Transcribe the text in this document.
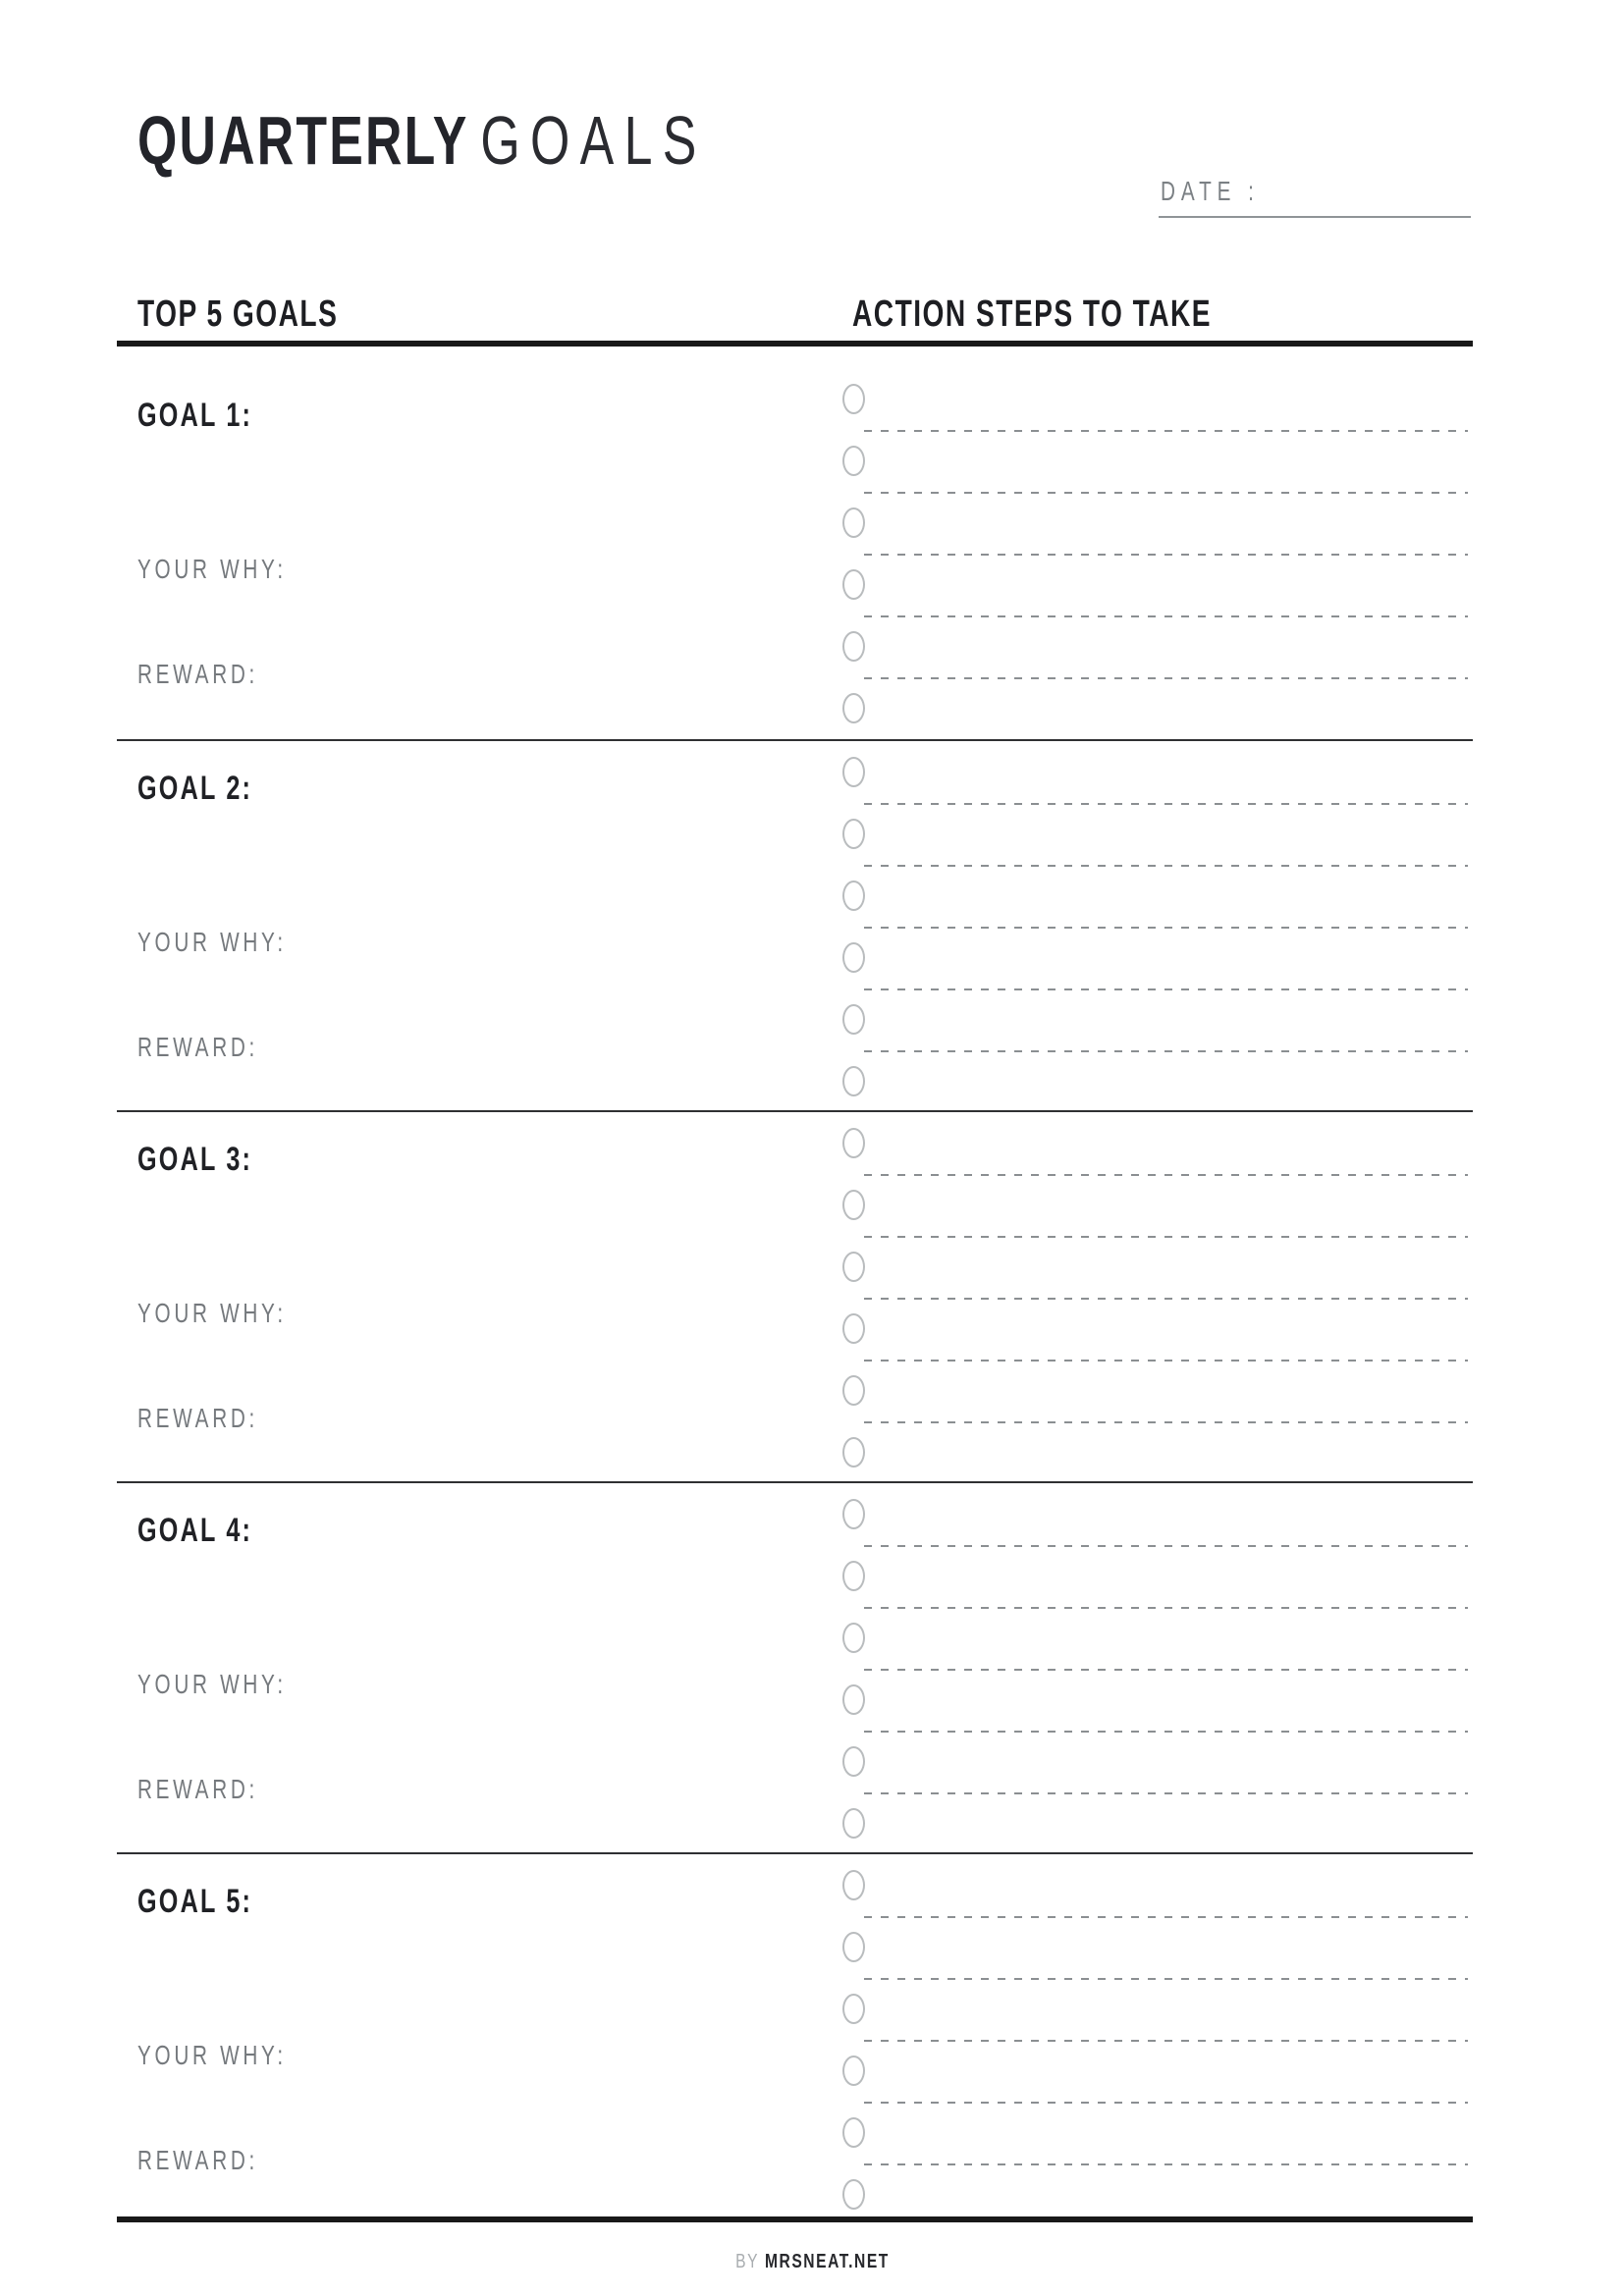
QUARTERLY GOALS
DATE :
TOP 5 GOALS	ACTION STEPS TO TAKE
GOAL 1:
YOUR WHY:
REWARD:
GOAL 2:
YOUR WHY:
REWARD:
GOAL 3:
YOUR WHY:
REWARD:
GOAL 4:
YOUR WHY:
REWARD:
GOAL 5:
YOUR WHY:
REWARD:
BY MRSNEAT.NET
